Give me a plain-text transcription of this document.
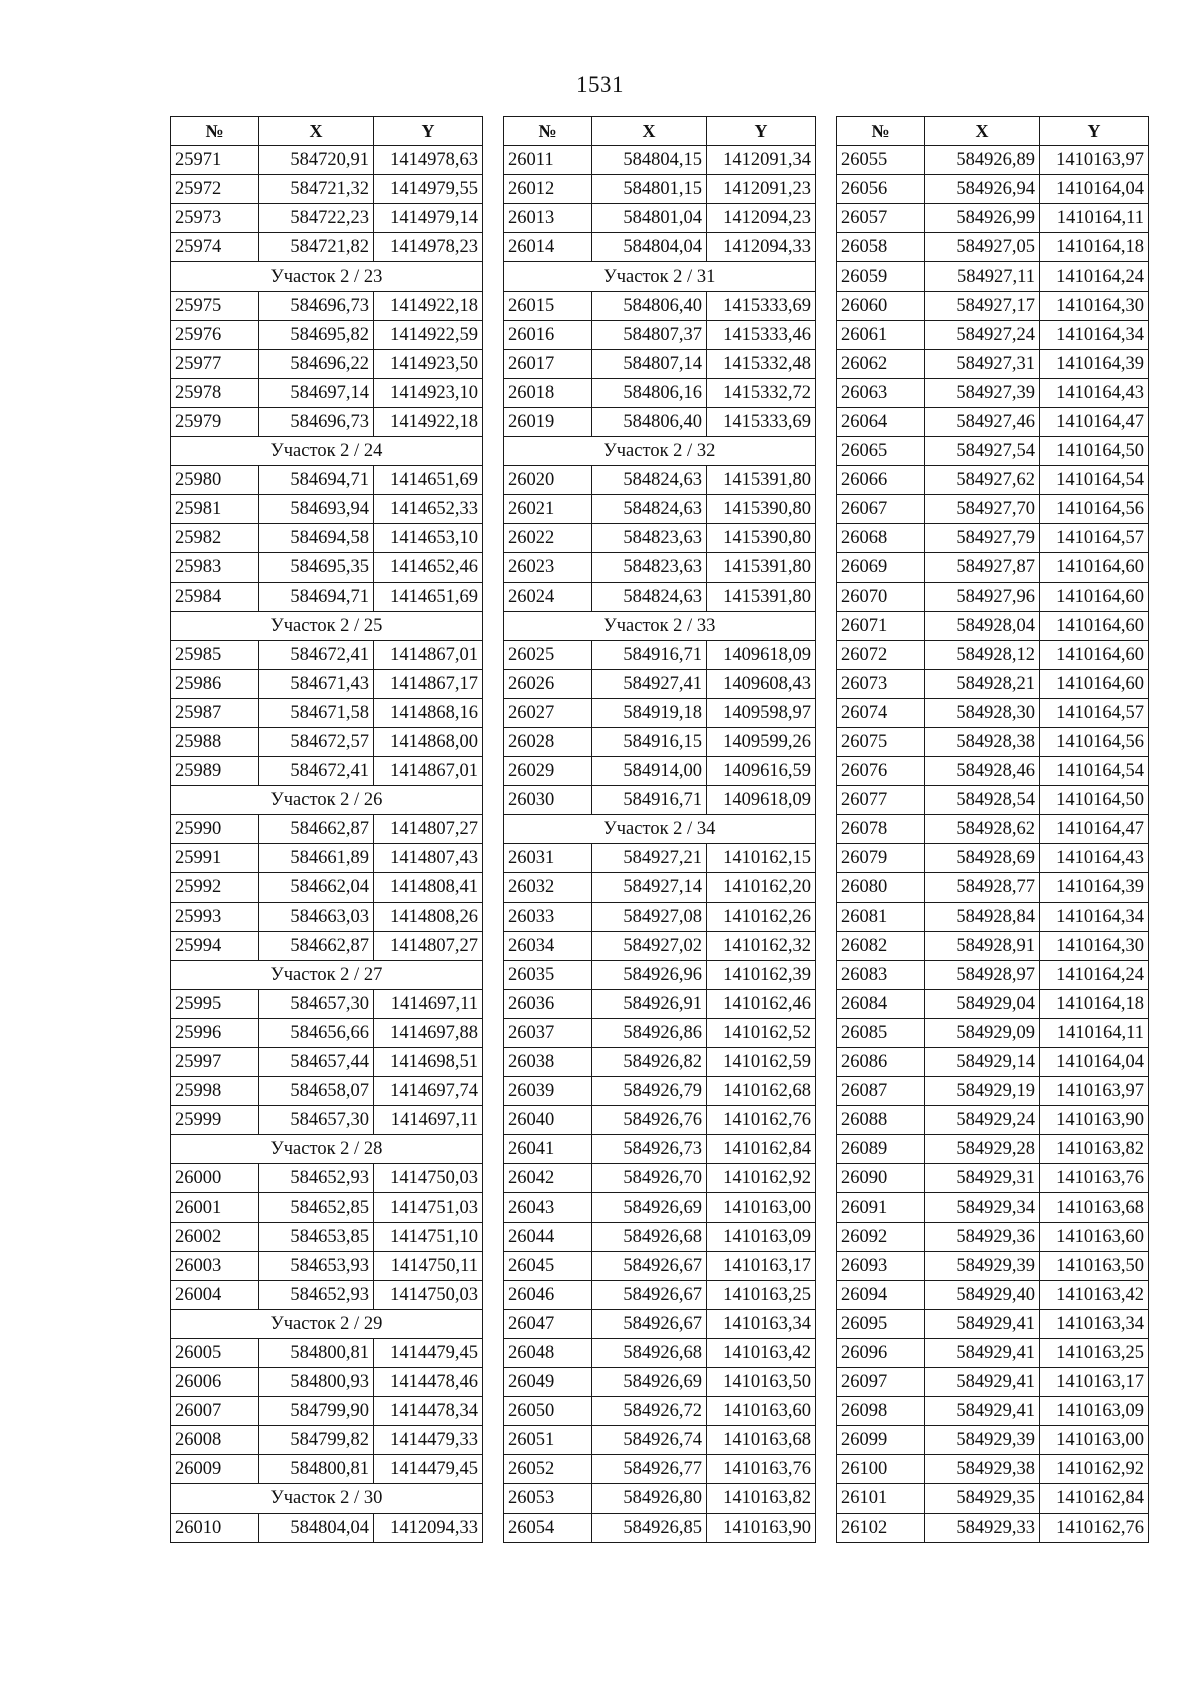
1531
№	X	Y
25971	584720,91	1414978,63
25972	584721,32	1414979,55
25973	584722,23	1414979,14
25974	584721,82	1414978,23
Участок 2 / 23		
25975	584696,73	1414922,18
25976	584695,82	1414922,59
25977	584696,22	1414923,50
25978	584697,14	1414923,10
25979	584696,73	1414922,18
Участок 2 / 24		
25980	584694,71	1414651,69
25981	584693,94	1414652,33
25982	584694,58	1414653,10
25983	584695,35	1414652,46
25984	584694,71	1414651,69
Участок 2 / 25		
25985	584672,41	1414867,01
25986	584671,43	1414867,17
25987	584671,58	1414868,16
25988	584672,57	1414868,00
25989	584672,41	1414867,01
Участок 2 / 26		
25990	584662,87	1414807,27
25991	584661,89	1414807,43
25992	584662,04	1414808,41
25993	584663,03	1414808,26
25994	584662,87	1414807,27
Участок 2 / 27		
25995	584657,30	1414697,11
25996	584656,66	1414697,88
25997	584657,44	1414698,51
25998	584658,07	1414697,74
25999	584657,30	1414697,11
Участок 2 / 28		
26000	584652,93	1414750,03
26001	584652,85	1414751,03
26002	584653,85	1414751,10
26003	584653,93	1414750,11
26004	584652,93	1414750,03
Участок 2 / 29		
26005	584800,81	1414479,45
26006	584800,93	1414478,46
26007	584799,90	1414478,34
26008	584799,82	1414479,33
26009	584800,81	1414479,45
Участок 2 / 30		
26010	584804,04	1412094,33
№	X	Y
26011	584804,15	1412091,34
26012	584801,15	1412091,23
26013	584801,04	1412094,23
26014	584804,04	1412094,33
Участок 2 / 31		
26015	584806,40	1415333,69
26016	584807,37	1415333,46
26017	584807,14	1415332,48
26018	584806,16	1415332,72
26019	584806,40	1415333,69
Участок 2 / 32		
26020	584824,63	1415391,80
26021	584824,63	1415390,80
26022	584823,63	1415390,80
26023	584823,63	1415391,80
26024	584824,63	1415391,80
Участок 2 / 33		
26025	584916,71	1409618,09
26026	584927,41	1409608,43
26027	584919,18	1409598,97
26028	584916,15	1409599,26
26029	584914,00	1409616,59
26030	584916,71	1409618,09
Участок 2 / 34		
26031	584927,21	1410162,15
26032	584927,14	1410162,20
26033	584927,08	1410162,26
26034	584927,02	1410162,32
26035	584926,96	1410162,39
26036	584926,91	1410162,46
26037	584926,86	1410162,52
26038	584926,82	1410162,59
26039	584926,79	1410162,68
26040	584926,76	1410162,76
26041	584926,73	1410162,84
26042	584926,70	1410162,92
26043	584926,69	1410163,00
26044	584926,68	1410163,09
26045	584926,67	1410163,17
26046	584926,67	1410163,25
26047	584926,67	1410163,34
26048	584926,68	1410163,42
26049	584926,69	1410163,50
26050	584926,72	1410163,60
26051	584926,74	1410163,68
26052	584926,77	1410163,76
26053	584926,80	1410163,82
26054	584926,85	1410163,90
№	X	Y
26055	584926,89	1410163,97
26056	584926,94	1410164,04
26057	584926,99	1410164,11
26058	584927,05	1410164,18
26059	584927,11	1410164,24
26060	584927,17	1410164,30
26061	584927,24	1410164,34
26062	584927,31	1410164,39
26063	584927,39	1410164,43
26064	584927,46	1410164,47
26065	584927,54	1410164,50
26066	584927,62	1410164,54
26067	584927,70	1410164,56
26068	584927,79	1410164,57
26069	584927,87	1410164,60
26070	584927,96	1410164,60
26071	584928,04	1410164,60
26072	584928,12	1410164,60
26073	584928,21	1410164,60
26074	584928,30	1410164,57
26075	584928,38	1410164,56
26076	584928,46	1410164,54
26077	584928,54	1410164,50
26078	584928,62	1410164,47
26079	584928,69	1410164,43
26080	584928,77	1410164,39
26081	584928,84	1410164,34
26082	584928,91	1410164,30
26083	584928,97	1410164,24
26084	584929,04	1410164,18
26085	584929,09	1410164,11
26086	584929,14	1410164,04
26087	584929,19	1410163,97
26088	584929,24	1410163,90
26089	584929,28	1410163,82
26090	584929,31	1410163,76
26091	584929,34	1410163,68
26092	584929,36	1410163,60
26093	584929,39	1410163,50
26094	584929,40	1410163,42
26095	584929,41	1410163,34
26096	584929,41	1410163,25
26097	584929,41	1410163,17
26098	584929,41	1410163,09
26099	584929,39	1410163,00
26100	584929,38	1410162,92
26101	584929,35	1410162,84
26102	584929,33	1410162,76
